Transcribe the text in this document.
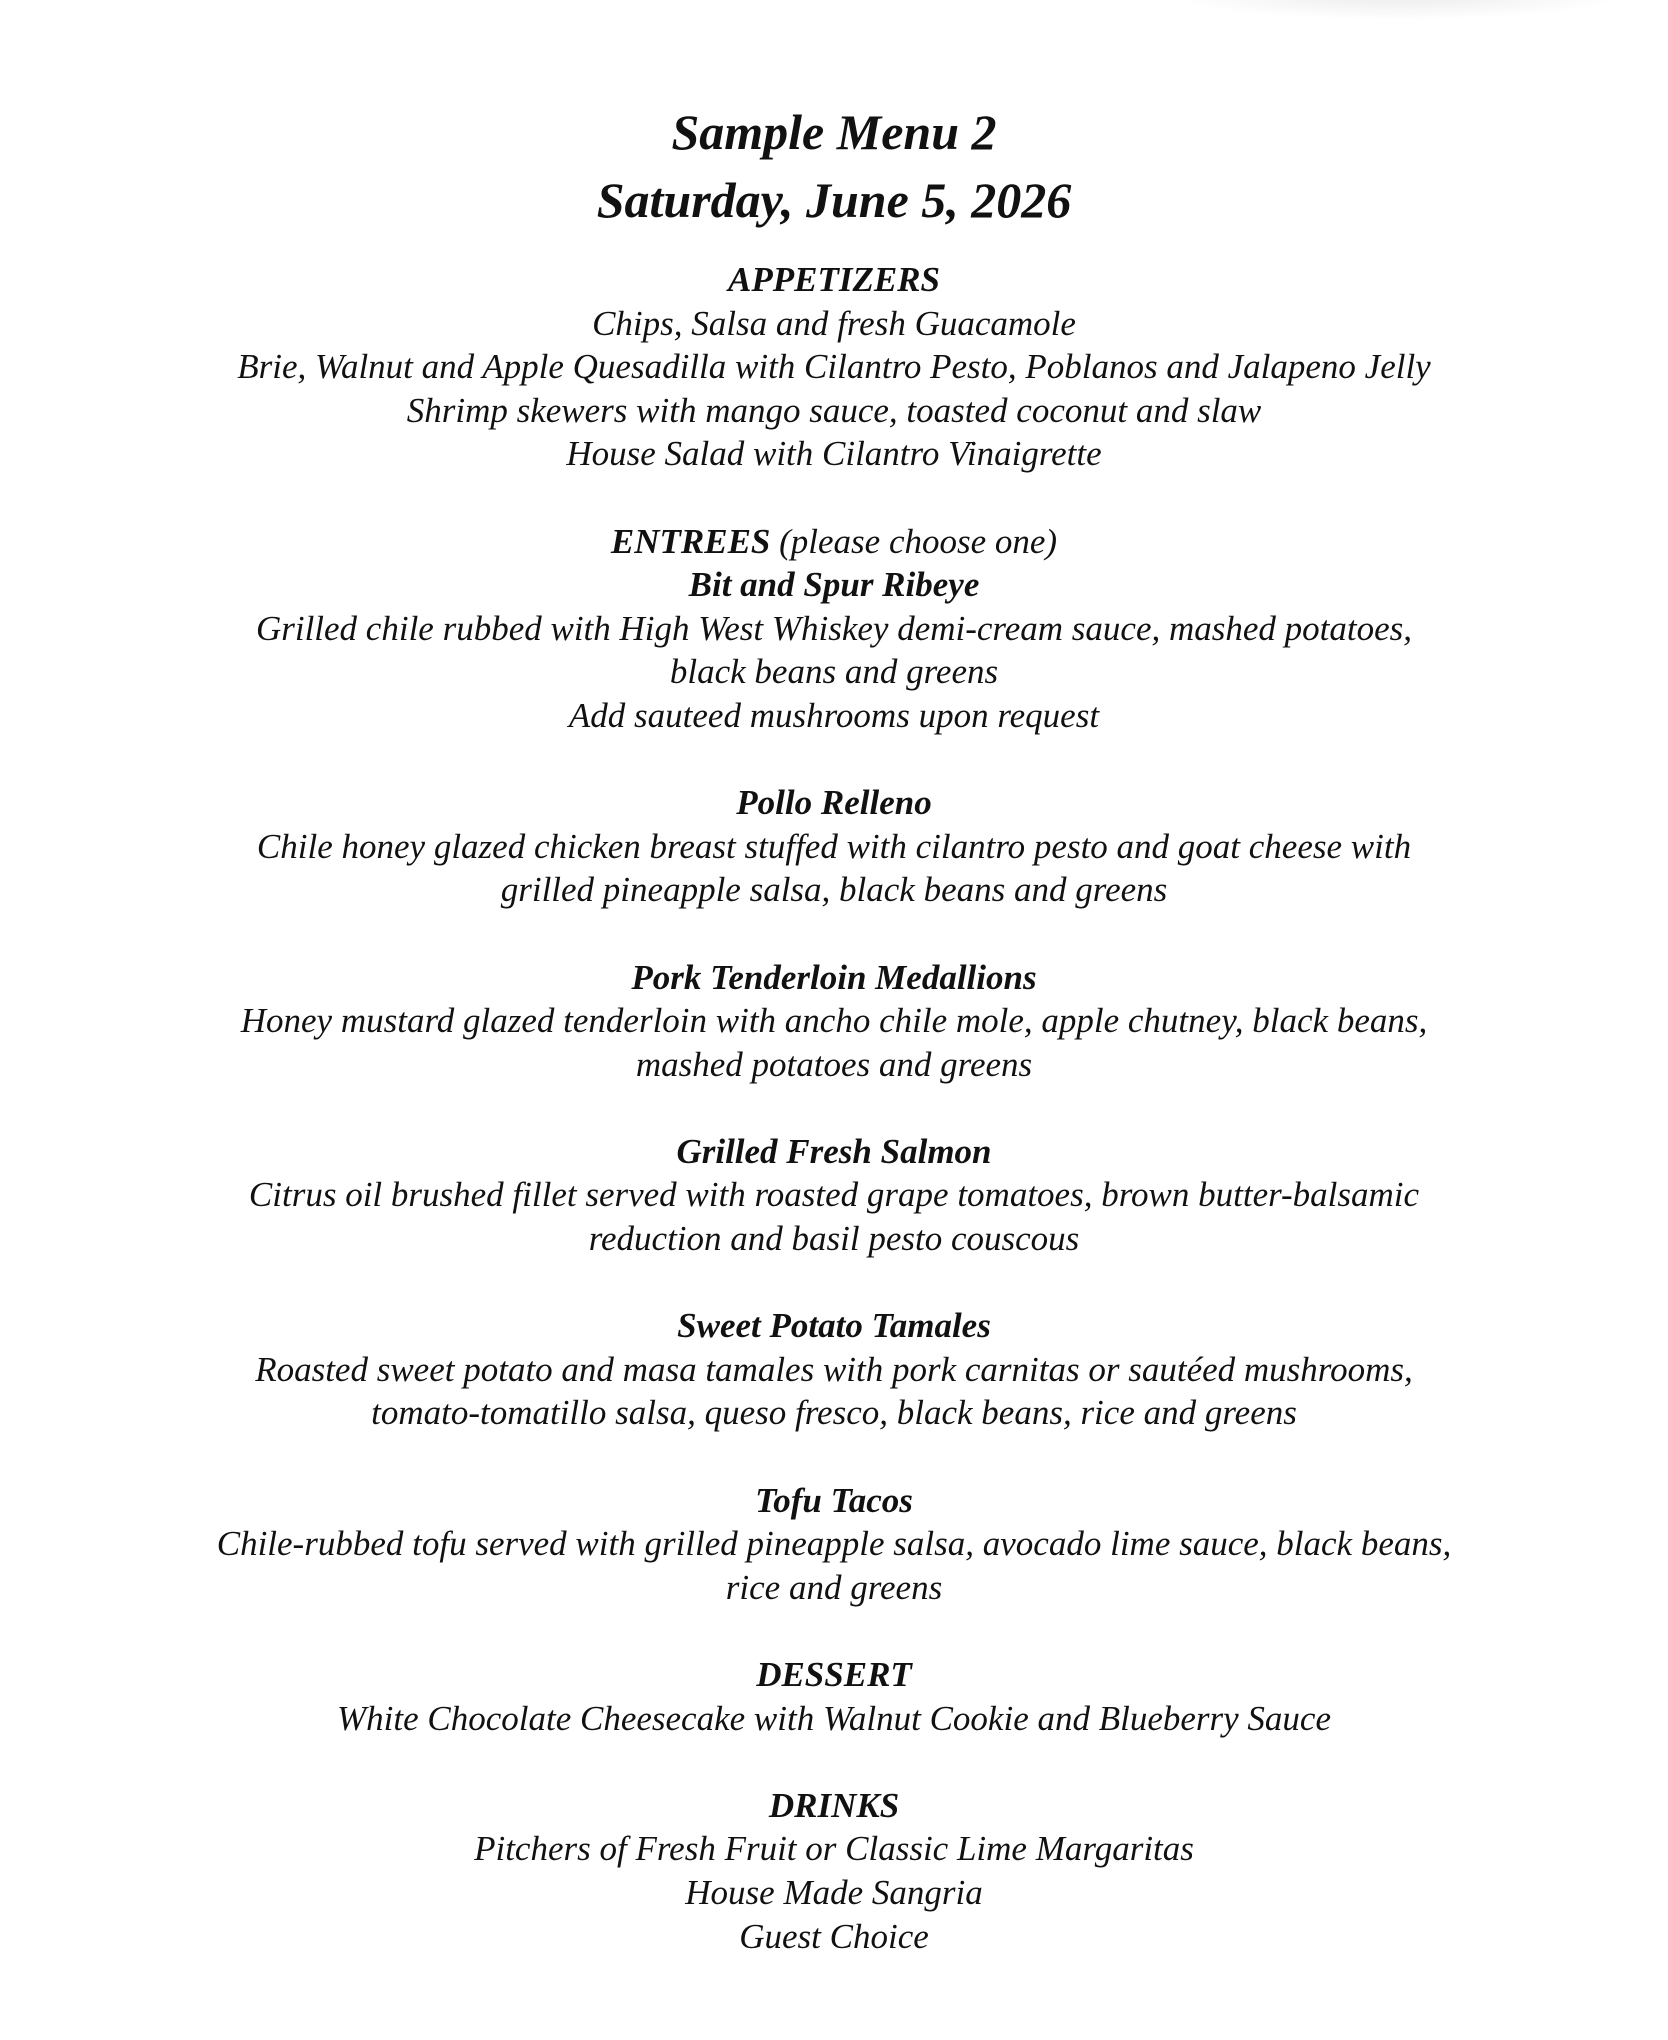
Sample Menu 2
Saturday, June 5, 2026
APPETIZERS
Chips, Salsa and fresh Guacamole
Brie, Walnut and Apple Quesadilla with Cilantro Pesto, Poblanos and Jalapeno Jelly
Shrimp skewers with mango sauce, toasted coconut and slaw
House Salad with Cilantro Vinaigrette
ENTREES (please choose one)
Bit and Spur Ribeye
Grilled chile rubbed with High West Whiskey demi-cream sauce, mashed potatoes,
black beans and greens
Add sauteed mushrooms upon request
Pollo Relleno
Chile honey glazed chicken breast stuffed with cilantro pesto and goat cheese with
grilled pineapple salsa, black beans and greens
Pork Tenderloin Medallions
Honey mustard glazed tenderloin with ancho chile mole, apple chutney, black beans,
mashed potatoes and greens
Grilled Fresh Salmon
Citrus oil brushed fillet served with roasted grape tomatoes, brown butter-balsamic
reduction and basil pesto couscous
Sweet Potato Tamales
Roasted sweet potato and masa tamales with pork carnitas or sautéed mushrooms,
tomato-tomatillo salsa, queso fresco, black beans, rice and greens
Tofu Tacos
Chile-rubbed tofu served with grilled pineapple salsa, avocado lime sauce, black beans,
rice and greens
DESSERT
White Chocolate Cheesecake with Walnut Cookie and Blueberry Sauce
DRINKS
Pitchers of Fresh Fruit or Classic Lime Margaritas
House Made Sangria
Guest Choice
